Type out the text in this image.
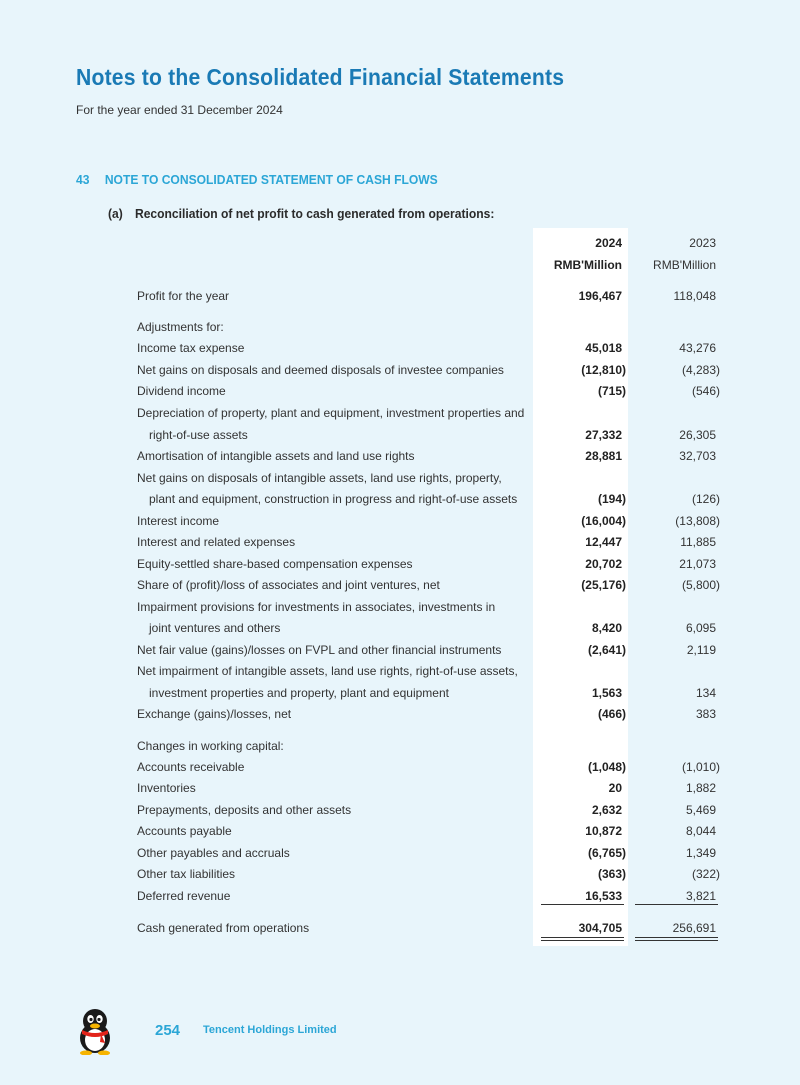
Notes to the Consolidated Financial Statements
For the year ended 31 December 2024
43 NOTE TO CONSOLIDATED STATEMENT OF CASH FLOWS
(a) Reconciliation of net profit to cash generated from operations:
2024	2023
RMB'Million	RMB'Million
Profit for the year	196,467	118,048
Adjustments for:
Income tax expense	45,018	43,276
Net gains on disposals and deemed disposals of investee companies	(12,810)	(4,283)
Dividend income	(715)	(546)
Depreciation of property, plant and equipment, investment properties and
right-of-use assets	27,332	26,305
Amortisation of intangible assets and land use rights	28,881	32,703
Net gains on disposals of intangible assets, land use rights, property,
plant and equipment, construction in progress and right-of-use assets	(194)	(126)
Interest income	(16,004)	(13,808)
Interest and related expenses	12,447	11,885
Equity-settled share-based compensation expenses	20,702	21,073
Share of (profit)/loss of associates and joint ventures, net	(25,176)	(5,800)
Impairment provisions for investments in associates, investments in
joint ventures and others	8,420	6,095
Net fair value (gains)/losses on FVPL and other financial instruments	(2,641)	2,119
Net impairment of intangible assets, land use rights, right-of-use assets,
investment properties and property, plant and equipment	1,563	134
Exchange (gains)/losses, net	(466)	383
Changes in working capital:
Accounts receivable	(1,048)	(1,010)
Inventories	20	1,882
Prepayments, deposits and other assets	2,632	5,469
Accounts payable	10,872	8,044
Other payables and accruals	(6,765)	1,349
Other tax liabilities	(363)	(322)
Deferred revenue	16,533	3,821
Cash generated from operations	304,705	256,691
254 Tencent Holdings Limited
